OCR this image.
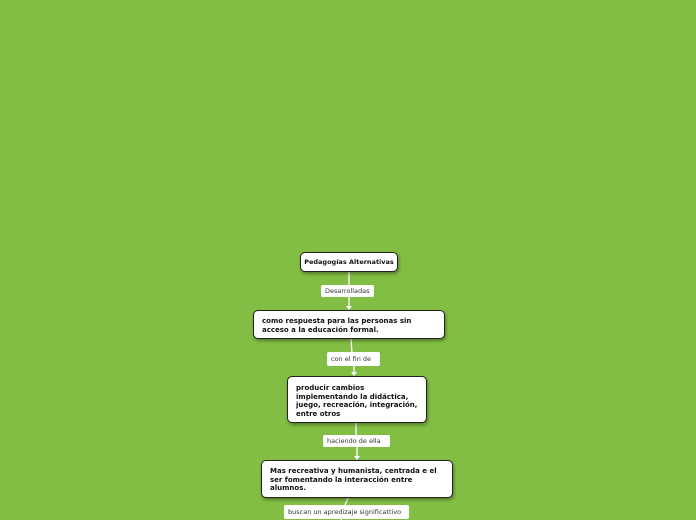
Pedagogías Alternativas
Desarrolladas
como respuesta para las personas sin acceso a la educación formal.
con el fin de
producir cambios implementando la didáctica, juego, recreación, integración, entre otros
haciendo de ella
Mas recreativa y humanista, centrada e el ser fomentando la interacción entre alumnos.
buscan un apredizaje significattivo
